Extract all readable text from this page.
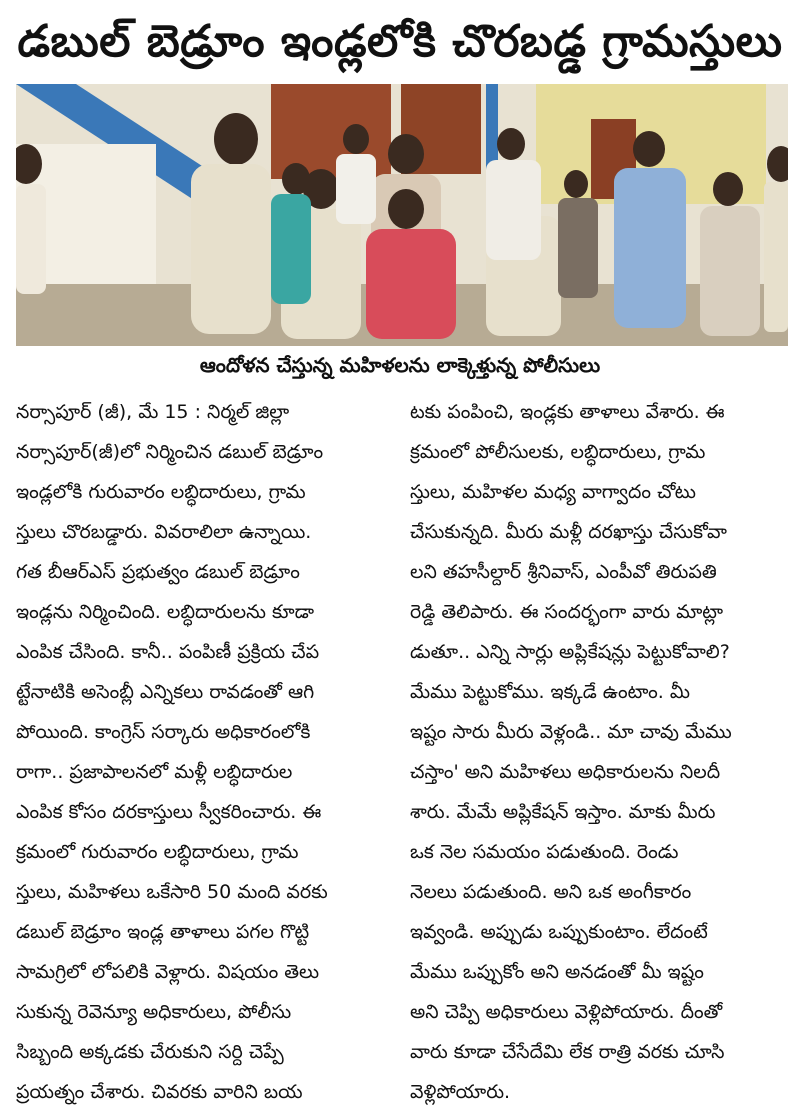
డబుల్ బెడ్రూం ఇండ్లలోకి చొరబడ్డ గ్రామస్తులు
ఆందోళన చేస్తున్న మహిళలను లాక్కెళ్తున్న పోలీసులు
నర్సాపూర్ (జీ), మే 15 : నిర్మల్ జిల్లా
నర్సాపూర్(జీ)లో నిర్మించిన డబుల్ బెడ్రూం
ఇండ్లలోకి గురువారం లబ్ధిదారులు, గ్రామ
స్తులు చొరబడ్డారు. వివరాలిలా ఉన్నాయి.
గత బీఆర్ఎస్ ప్రభుత్వం డబుల్ బెడ్రూం
ఇండ్లను నిర్మించింది. లబ్ధిదారులను కూడా
ఎంపిక చేసింది. కానీ.. పంపిణీ ప్రక్రియ చేప
ట్టేనాటికి అసెంబ్లీ ఎన్నికలు రావడంతో ఆగి
పోయింది. కాంగ్రెస్ సర్కారు అధికారంలోకి
రాగా.. ప్రజాపాలనలో మళ్లీ లబ్ధిదారుల
ఎంపిక కోసం దరకాస్తులు స్వీకరించారు. ఈ
క్రమంలో గురువారం లబ్ధిదారులు, గ్రామ
స్తులు, మహిళలు ఒకేసారి 50 మంది వరకు
డబుల్ బెడ్రూం ఇండ్ల తాళాలు పగల గొట్టి
సామగ్రిలో లోపలికి వెళ్లారు. విషయం తెలు
సుకున్న రెవెన్యూ అధికారులు, పోలీసు
సిబ్బంది అక్కడకు చేరుకుని సర్ది చెప్పే
ప్రయత్నం చేశారు. చివరకు వారిని బయ
టకు పంపించి, ఇండ్లకు తాళాలు వేశారు. ఈ
క్రమంలో పోలీసులకు, లబ్ధిదారులు, గ్రామ
స్తులు, మహిళల మధ్య వాగ్వాదం చోటు
చేసుకున్నది. మీరు మళ్లీ దరఖాస్తు చేసుకోవా
లని తహసీల్దార్ శ్రీనివాస్, ఎంపీవో తిరుపతి
రెడ్డి తెలిపారు. ఈ సందర్భంగా వారు మాట్లా
డుతూ.. ఎన్ని సార్లు అప్లికేషన్లు పెట్టుకోవాలి?
మేము పెట్టుకోము. ఇక్కడే ఉంటాం. మీ
ఇష్టం సారు మీరు వెళ్లండి.. మా చావు మేము
చస్తాం' అని మహిళలు అధికారులను నిలదీ
శారు. మేమే అప్లికేషన్ ఇస్తాం. మాకు మీరు
ఒక నెల సమయం పడుతుంది. రెండు
నెలలు పడుతుంది. అని ఒక అంగీకారం
ఇవ్వండి. అప్పుడు ఒప్పుకుంటాం. లేదంటే
మేము ఒప్పుకోం అని అనడంతో మీ ఇష్టం
అని చెప్పి అధికారులు వెళ్లిపోయారు. దీంతో
వారు కూడా చేసేదేమి లేక రాత్రి వరకు చూసి
వెళ్లిపోయారు.
